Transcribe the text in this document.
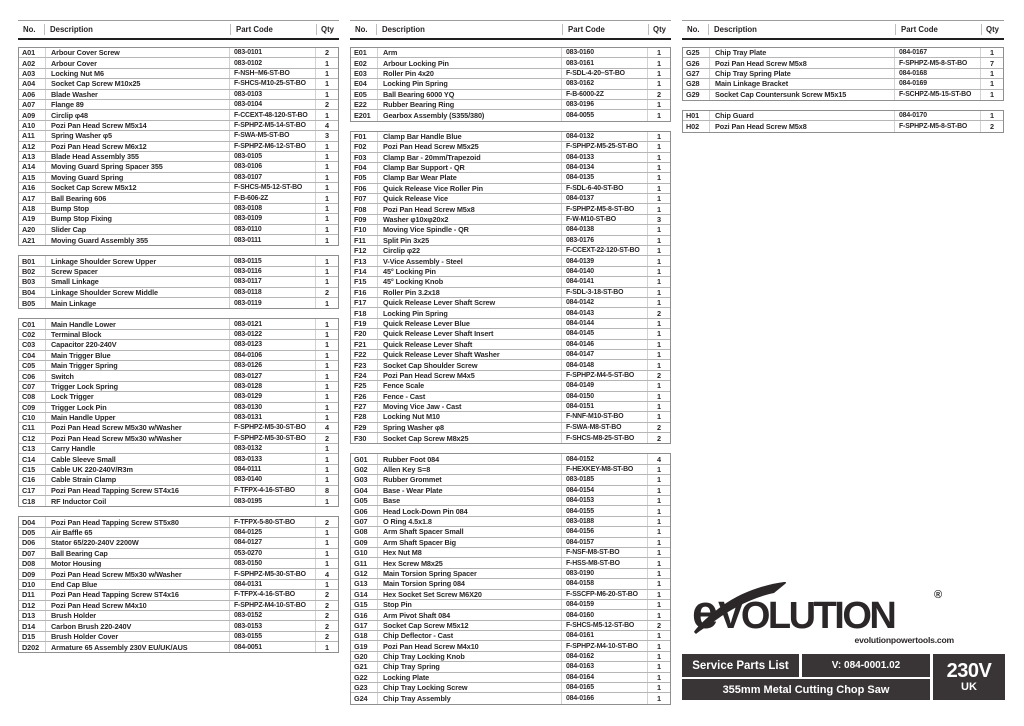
No.	Description	Part Code	Qty
A01	Arbour Cover Screw	083-0101	2
A02	Arbour Cover	083-0102	1
A03	Locking Nut M6	F-NSH–M6-ST-BO	1
A04	Socket Cap Screw M10x25	F-SHCS-M10-25-ST-BO	1
A06	Blade Washer	083-0103	1
A07	Flange 89	083-0104	2
A09	Circlip φ48	F-CCEXT-48-120-ST-BO	1
A10	Pozi Pan Head Screw M5x14	F-SPHPZ-M5-14-ST-BO	4
A11	Spring Washer φ5	F-SWA-M5-ST-BO	3
A12	Pozi Pan Head Screw M6x12	F-SPHPZ-M6-12-ST-BO	1
A13	Blade Head Assembly 355	083-0105	1
A14	Moving Guard Spring Spacer 355	083-0106	1
A15	Moving Guard Spring	083-0107	1
A16	Socket Cap Screw M5x12	F-SHCS-M5-12-ST-BO	1
A17	Ball Bearing 606	F-B-606-2Z	1
A18	Bump Stop	083-0108	1
A19	Bump Stop Fixing	083-0109	1
A20	Slider Cap	083-0110	1
A21	Moving Guard Assembly 355	083-0111	1
B01	Linkage Shoulder Screw Upper	083-0115	1
B02	Screw Spacer	083-0116	1
B03	Small Linkage	083-0117	1
B04	Linkage Shoulder Screw Middle	083-0118	2
B05	Main Linkage	083-0119	1
C01	Main Handle Lower	083-0121	1
C02	Terminal Block	083-0122	1
C03	Capacitor 220-240V	083-0123	1
C04	Main Trigger Blue	084-0106	1
C05	Main Trigger Spring	083-0126	1
C06	Switch	083-0127	1
C07	Trigger Lock Spring	083-0128	1
C08	Lock Trigger	083-0129	1
C09	Trigger Lock Pin	083-0130	1
C10	Main Handle Upper	083-0131	1
C11	Pozi Pan Head Screw M5x30 w/Washer	F-SPHPZ-M5-30-ST-BO	4
C12	Pozi Pan Head Screw M5x30 w/Washer	F-SPHPZ-M5-30-ST-BO	2
C13	Carry Handle	083-0132	1
C14	Cable Sleeve Small	083-0133	1
C15	Cable UK 220-240V/R3m	084-0111	1
C16	Cable Strain Clamp	083-0140	1
C17	Pozi Pan Head Tapping Screw ST4x16	F-TFPX-4-16-ST-BO	8
C18	RF Inductor Coil	083-0195	1
D04	Pozi Pan Head Tapping Screw ST5x80	F-TFPX-5-80-ST-BO	2
D05	Air Baffle 65	084-0125	1
D06	Stator 65/220-240V 2200W	084-0127	1
D07	Ball Bearing Cap	053-0270	1
D08	Motor Housing	083-0150	1
D09	Pozi Pan Head Screw M5x30 w/Washer	F-SPHPZ-M5-30-ST-BO	4
D10	End Cap Blue	084-0131	1
D11	Pozi Pan Head Tapping Screw ST4x16	F-TFPX-4-16-ST-BO	2
D12	Pozi Pan Head Screw M4x10	F-SPHPZ-M4-10-ST-BO	2
D13	Brush Holder	083-0152	2
D14	Carbon Brush 220-240V	083-0153	2
D15	Brush Holder Cover	083-0155	2
D202	Armature 65 Assembly 230V EU/UK/AUS	084-0051	1
No.	Description	Part Code	Qty
E01	Arm	083-0160	1
E02	Arbour Locking Pin	083-0161	1
E03	Roller Pin 4x20	F-SDL-4-20–ST-BO	1
E04	Locking Pin Spring	083-0162	1
E05	Ball Bearing 6000 YQ	F-B-6000-2Z	2
E22	Rubber Bearing Ring	083-0196	1
E201	Gearbox Assembly (S355/380)	084-0055	1
F01	Clamp Bar Handle Blue	084-0132	1
F02	Pozi Pan Head Screw M5x25	F-SPHPZ-M5-25-ST-BO	1
F03	Clamp Bar - 20mm/Trapezoid	084-0133	1
F04	Clamp Bar Support - QR	084-0134	1
F05	Clamp Bar Wear Plate	084-0135	1
F06	Quick Release Vice Roller Pin	F-SDL-6-40-ST-BO	1
F07	Quick Release Vice	084-0137	1
F08	Pozi Pan Head Screw M5x8	F-SPHPZ-M5-8-ST-BO	1
F09	Washer φ10xφ20x2	F-W-M10-ST-BO	3
F10	Moving Vice Spindle - QR	084-0138	1
F11	Split Pin 3x25	083-0176	1
F12	Circlip φ22	F-CCEXT-22-120-ST-BO	1
F13	V-Vice Assembly - Steel	084-0139	1
F14	45° Locking Pin	084-0140	1
F15	45° Locking Knob	084-0141	1
F16	Roller Pin 3.2x18	F-SDL-3-18-ST-BO	1
F17	Quick Release Lever Shaft Screw	084-0142	1
F18	Locking Pin Spring	084-0143	2
F19	Quick Release Lever Blue	084-0144	1
F20	Quick Release Lever Shaft Insert	084-0145	1
F21	Quick Release Lever Shaft	084-0146	1
F22	Quick Release Lever Shaft Washer	084-0147	1
F23	Socket Cap Shoulder Screw	084-0148	1
F24	Pozi Pan Head Screw M4x5	F-SPHPZ-M4-5-ST-BO	2
F25	Fence Scale	084-0149	1
F26	Fence - Cast	084-0150	1
F27	Moving Vice Jaw - Cast	084-0151	1
F28	Locking Nut M10	F-NNF-M10-ST-BO	1
F29	Spring Washer φ8	F-SWA-M8-ST-BO	2
F30	Socket Cap Screw M8x25	F-SHCS-M8-25-ST-BO	2
G01	Rubber Foot 084	084-0152	4
G02	Allen Key S=8	F-HEXKEY-M8-ST-BO	1
G03	Rubber Grommet	083-0185	1
G04	Base - Wear Plate	084-0154	1
G05	Base	084-0153	1
G06	Head Lock-Down Pin 084	084-0155	1
G07	O Ring 4.5x1.8	083-0188	1
G08	Arm Shaft Spacer Small	084-0156	1
G09	Arm Shaft Spacer Big	084-0157	1
G10	Hex Nut M8	F-NSF-M8-ST-BO	1
G11	Hex Screw M8x25	F-HSS-M8-ST-BO	1
G12	Main Torsion Spring Spacer	083-0190	1
G13	Main Torsion Spring 084	084-0158	1
G14	Hex Socket Set Screw M6X20	F-SSCFP-M6-20-ST-BO	1
G15	Stop Pin	084-0159	1
G16	Arm Pivot Shaft 084	084-0160	1
G17	Socket Cap Screw M5x12	F-SHCS-M5-12-ST-BO	2
G18	Chip Deflector - Cast	084-0161	1
G19	Pozi Pan Head Screw M4x10	F-SPHPZ-M4-10-ST-BO	1
G20	Chip Tray Locking Knob	084-0162	1
G21	Chip Tray Spring	084-0163	1
G22	Locking Plate	084-0164	1
G23	Chip Tray Locking Screw	084-0165	1
G24	Chip Tray Assembly	084-0166	1
No.	Description	Part Code	Qty
G25	Chip Tray Plate	084-0167	1
G26	Pozi Pan Head Screw M5x8	F-SPHPZ-M5-8-ST-BO	7
G27	Chip Tray Spring Plate	084-0168	1
G28	Main Linkage Bracket	084-0169	1
G29	Socket Cap Countersunk Screw M5x15	F-SCHPZ-M5-15-ST-BO	1
H01	Chip Guard	084-0170	1
H02	Pozi Pan Head Screw M5x8	F-SPHPZ-M5-8-ST-BO	2
e VOLUTION	®
evolutionpowertools.com
Service Parts List	V: 084-0001.02
355mm Metal Cutting Chop Saw
230V
UK
